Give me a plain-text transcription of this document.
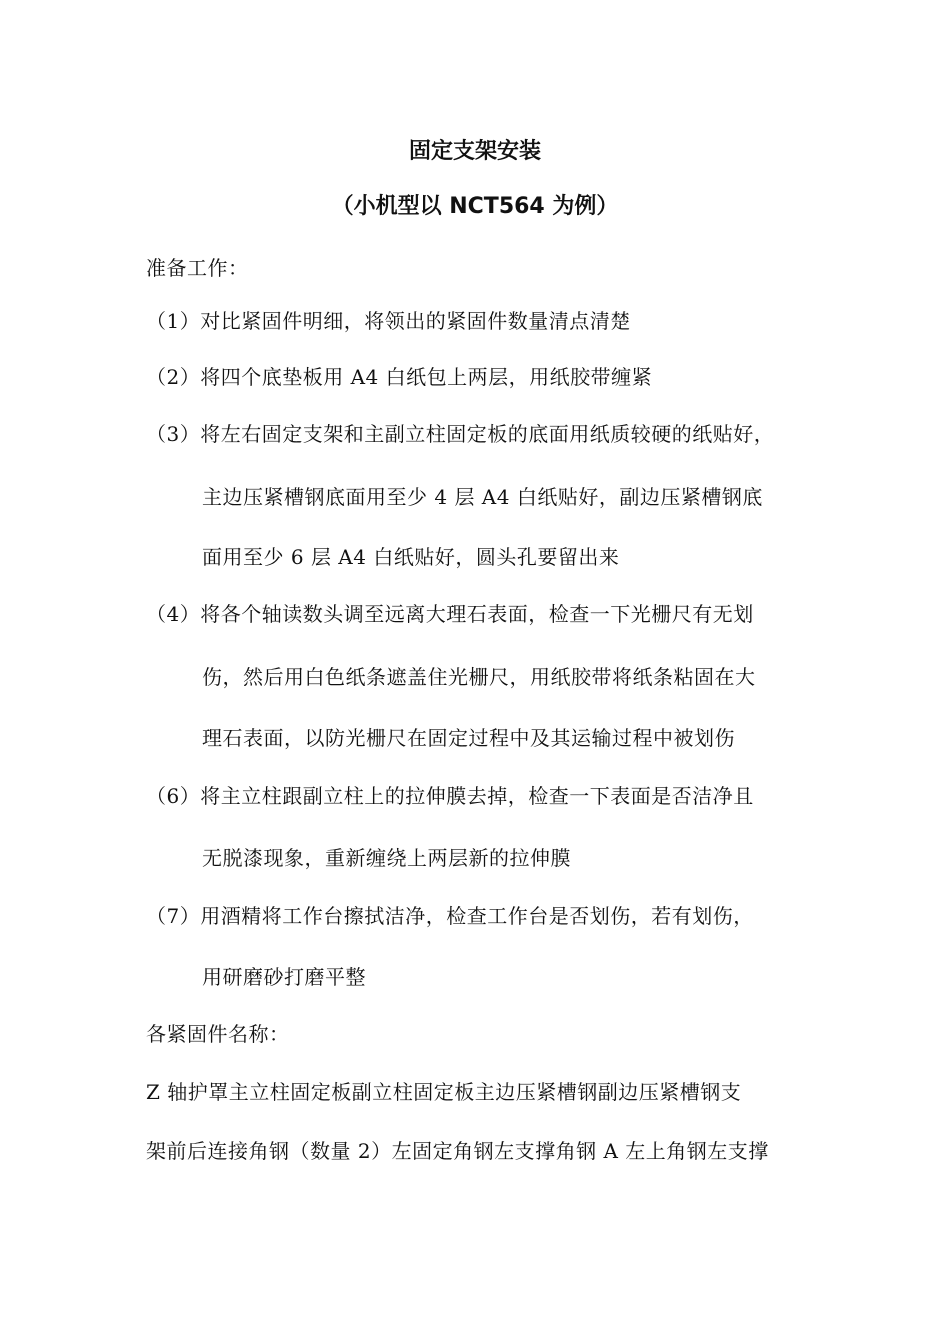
固定支架安装
（小机型以 NCT564 为例）
准备工作：
（1）对比紧固件明细，将领出的紧固件数量清点清楚
（2）将四个底垫板用 A4 白纸包上两层，用纸胶带缠紧
（3）将左右固定支架和主副立柱固定板的底面用纸质较硬的纸贴好，
主边压紧槽钢底面用至少 4 层 A4 白纸贴好，副边压紧槽钢底
面用至少 6 层 A4 白纸贴好，圆头孔要留出来
（4）将各个轴读数头调至远离大理石表面，检查一下光栅尺有无划
伤，然后用白色纸条遮盖住光栅尺，用纸胶带将纸条粘固在大
理石表面，以防光栅尺在固定过程中及其运输过程中被划伤
（6）将主立柱跟副立柱上的拉伸膜去掉，检查一下表面是否洁净且
无脱漆现象，重新缠绕上两层新的拉伸膜
（7）用酒精将工作台擦拭洁净，检查工作台是否划伤，若有划伤，
用研磨砂打磨平整
各紧固件名称：
Z 轴护罩主立柱固定板副立柱固定板主边压紧槽钢副边压紧槽钢支
架前后连接角钢（数量 2）左固定角钢左支撑角钢 A 左上角钢左支撑
